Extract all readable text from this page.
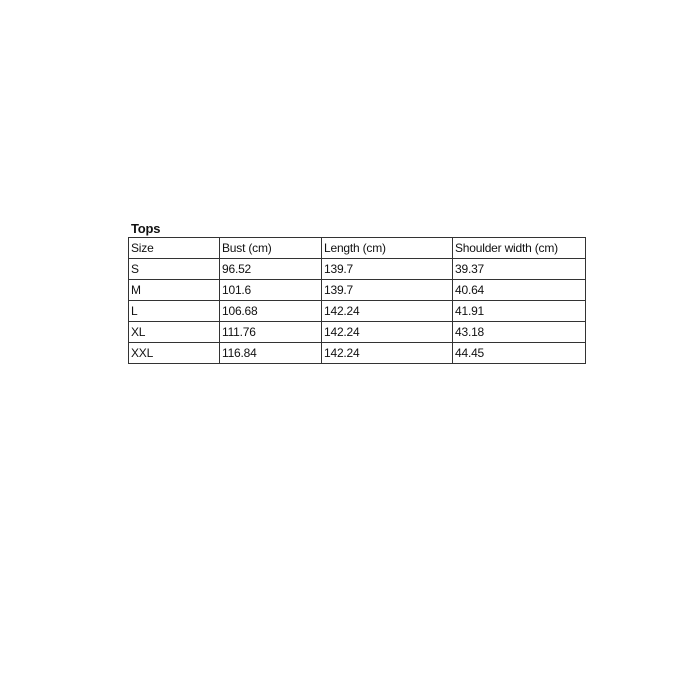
Tops
Size	Bust (cm)	Length (cm)	Shoulder width (cm)
S	96.52	139.7	39.37
M	101.6	139.7	40.64
L	106.68	142.24	41.91
XL	111.76	142.24	43.18
XXL	116.84	142.24	44.45
